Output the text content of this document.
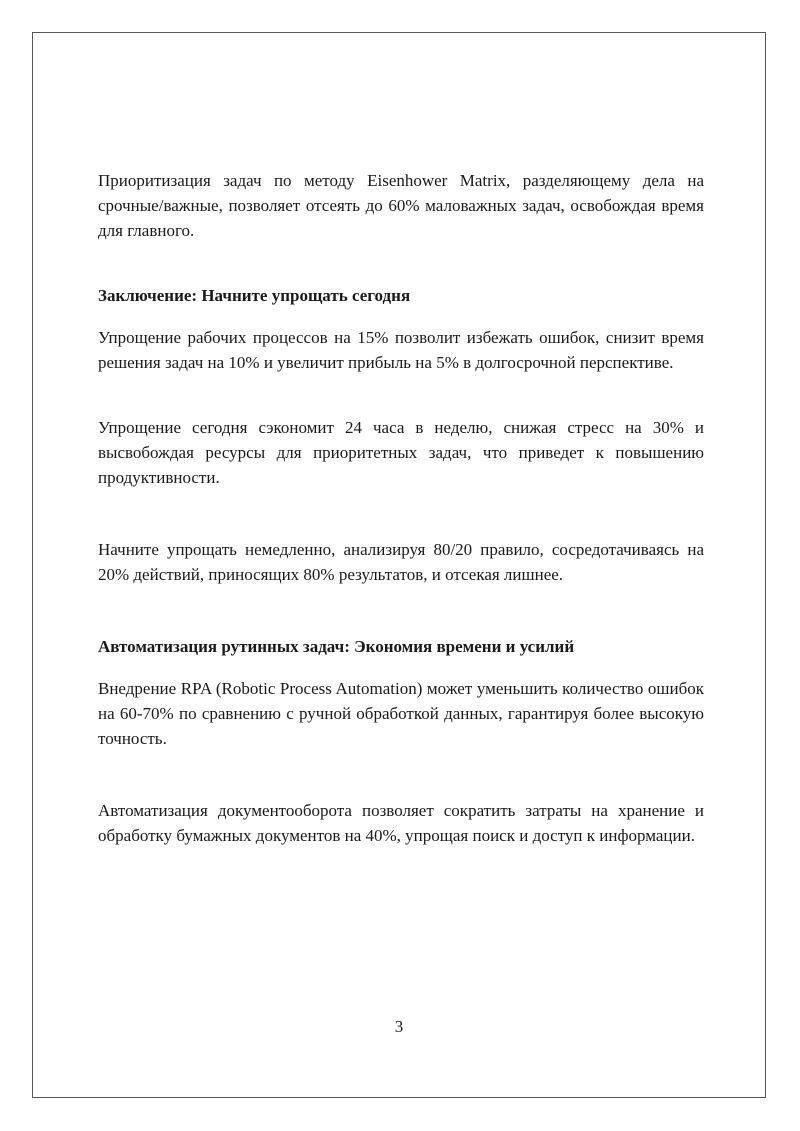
Приоритизация задач по методу Eisenhower Matrix, разделяющему дела на срочные/важные, позволяет отсеять до 60% маловажных задач, освобождая время для главного.

Заключение: Начните упрощать сегодня

Упрощение рабочих процессов на 15% позволит избежать ошибок, снизит время решения задач на 10% и увеличит прибыль на 5% в долгосрочной перспективе.

Упрощение сегодня сэкономит 24 часа в неделю, снижая стресс на 30% и высвобождая ресурсы для приоритетных задач, что приведет к повышению продуктивности.

Начните упрощать немедленно, анализируя 80/20 правило, сосредотачиваясь на 20% действий, приносящих 80% результатов, и отсекая лишнее.

Автоматизация рутинных задач: Экономия времени и усилий

Внедрение RPA (Robotic Process Automation) может уменьшить количество ошибок на 60-70% по сравнению с ручной обработкой данных, гарантируя более высокую точность.

Автоматизация документооборота позволяет сократить затраты на хранение и обработку бумажных документов на 40%, упрощая поиск и доступ к информации.

3
